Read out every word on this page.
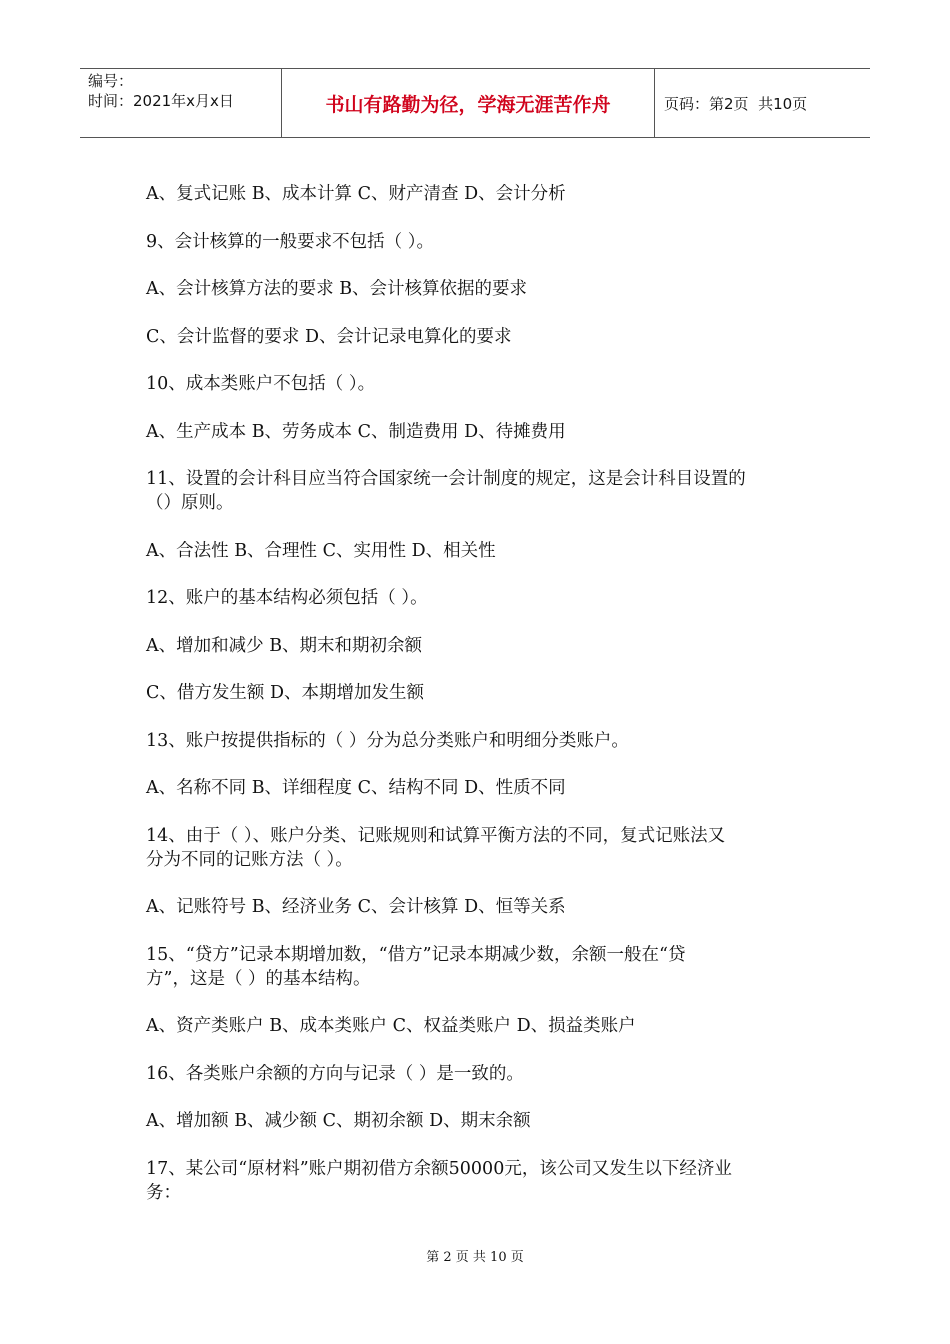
编号：
时间：2021年x月x日	书山有路勤为径，学海无涯苦作舟	页码：第2页  共10页

A、复式记账 B、成本计算 C、财产清查 D、会计分析

9、会计核算的一般要求不包括（ ）。

A、会计核算方法的要求 B、会计核算依据的要求

C、会计监督的要求 D、会计记录电算化的要求

10、成本类账户不包括（ ）。

A、生产成本 B、劳务成本 C、制造费用 D、待摊费用

11、设置的会计科目应当符合国家统一会计制度的规定，这是会计科目设置的
（）原则。

A、合法性 B、合理性 C、实用性 D、相关性

12、账户的基本结构必须包括（ ）。

A、增加和减少 B、期末和期初余额

C、借方发生额 D、本期增加发生额

13、账户按提供指标的（ ）分为总分类账户和明细分类账户。

A、名称不同 B、详细程度 C、结构不同 D、性质不同

14、由于（ ）、账户分类、记账规则和试算平衡方法的不同，复式记账法又
分为不同的记账方法（ ）。

A、记账符号 B、经济业务 C、会计核算 D、恒等关系

15、“贷方”记录本期增加数，“借方”记录本期减少数，余额一般在“贷
方”，这是（ ）的基本结构。

A、资产类账户 B、成本类账户 C、权益类账户 D、损益类账户

16、各类账户余额的方向与记录（ ）是一致的。

A、增加额 B、减少额 C、期初余额 D、期末余额

17、某公司“原材料”账户期初借方余额50000元，该公司又发生以下经济业
务：

第 2 页 共 10 页
